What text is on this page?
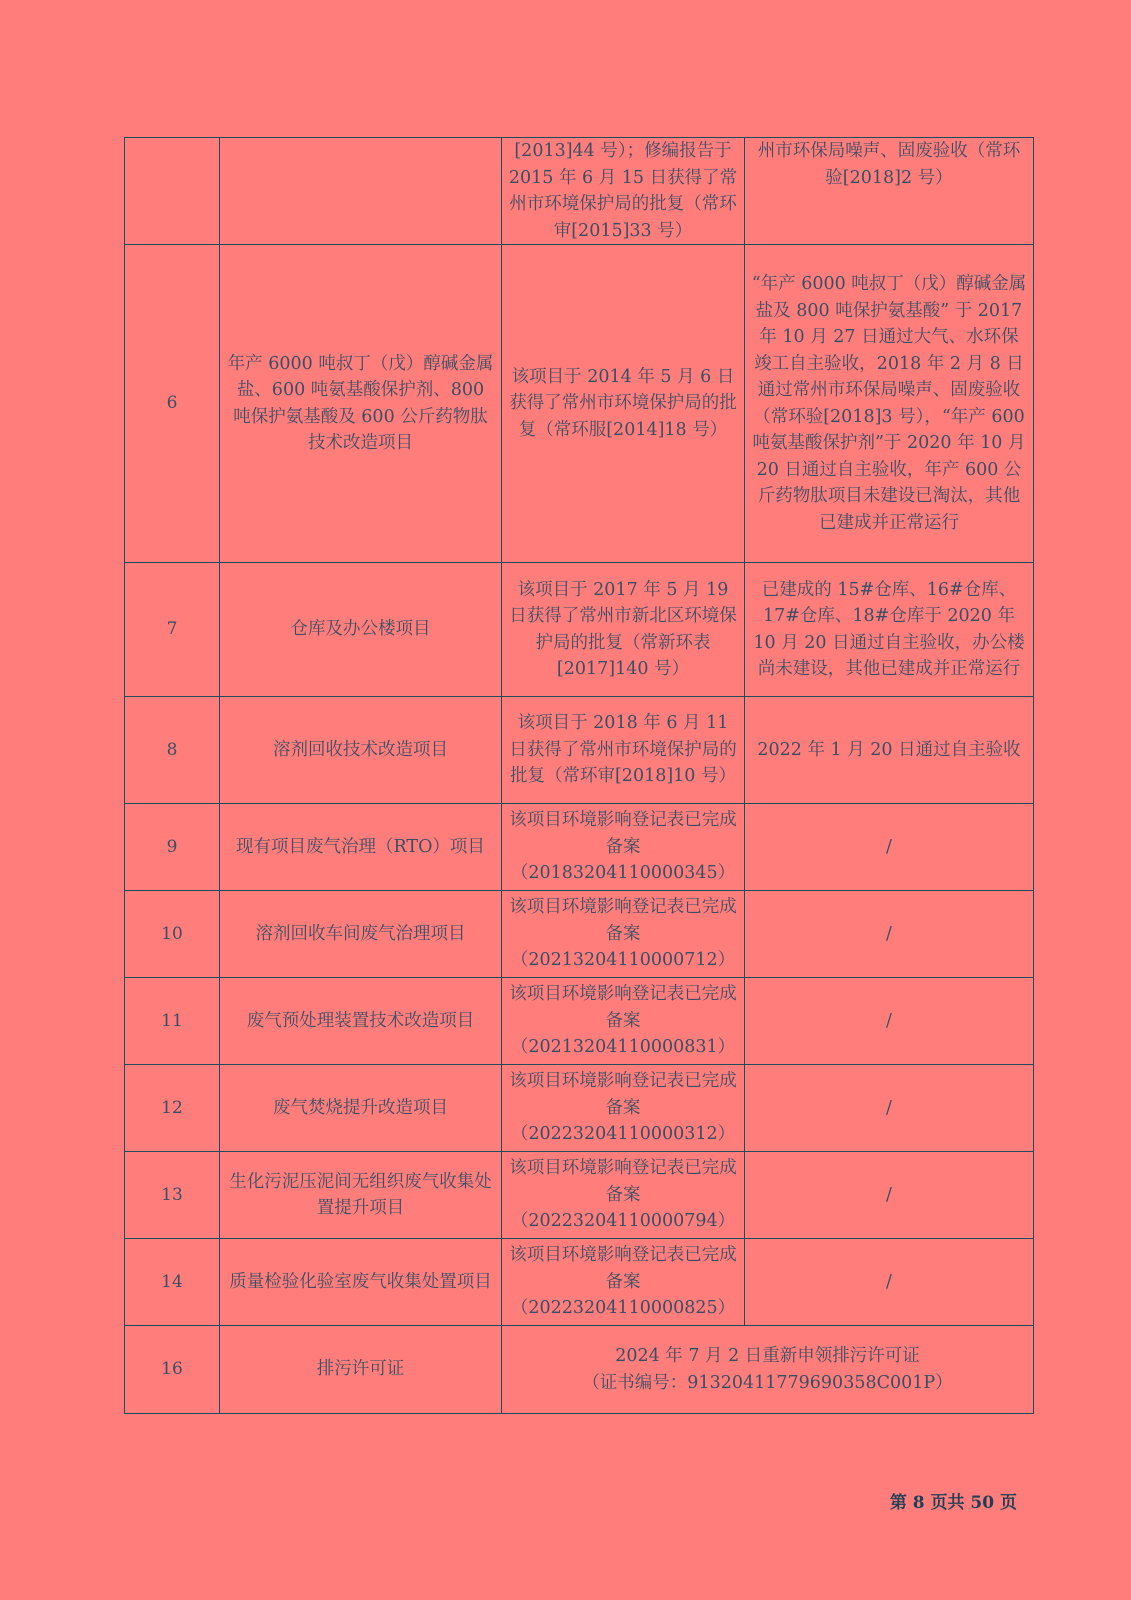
		[2013]44 号）；修编报告于 2015 年 6 月 15 日获得了常州市环境保护局的批复（常环审[2015]33 号）	州市环保局噪声、固废验收（常环验[2018]2 号）
6	年产 6000 吨叔丁（戊）醇碱金属盐、600 吨氨基酸保护剂、800 吨保护氨基酸及 600 公斤药物肽技术改造项目	该项目于 2014 年 5 月 6 日获得了常州市环境保护局的批复（常环服[2014]18 号）	“年产 6000 吨叔丁（戊）醇碱金属盐及 800 吨保护氨基酸” 于 2017 年 10 月 27 日通过大气、水环保竣工自主验收，2018 年 2 月 8 日通过常州市环保局噪声、固废验收（常环验[2018]3 号），“年产 600 吨氨基酸保护剂”于 2020 年 10 月 20 日通过自主验收，年产 600 公斤药物肽项目未建设已淘汰，其他已建成并正常运行
7	仓库及办公楼项目	该项目于 2017 年 5 月 19 日获得了常州市新北区环境保护局的批复（常新环表[2017]140 号）	已建成的 15#仓库、16#仓库、17#仓库、18#仓库于 2020 年 10 月 20 日通过自主验收，办公楼尚未建设，其他已建成并正常运行
8	溶剂回收技术改造项目	该项目于 2018 年 6 月 11 日获得了常州市环境保护局的批复（常环审[2018]10 号）	2022 年 1 月 20 日通过自主验收
9	现有项目废气治理（RTO）项目	该项目环境影响登记表已完成备案（20183204110000345）	/
10	溶剂回收车间废气治理项目	该项目环境影响登记表已完成备案（20213204110000712）	/
11	废气预处理装置技术改造项目	该项目环境影响登记表已完成备案（20213204110000831）	/
12	废气焚烧提升改造项目	该项目环境影响登记表已完成备案（20223204110000312）	/
13	生化污泥压泥间无组织废气收集处置提升项目	该项目环境影响登记表已完成备案（20223204110000794）	/
14	质量检验化验室废气收集处置项目	该项目环境影响登记表已完成备案（20223204110000825）	/
16	排污许可证	2024 年 7 月 2 日重新申领排污许可证
（证书编号：91320411779690358C001P）	
第 8 页共 50 页
